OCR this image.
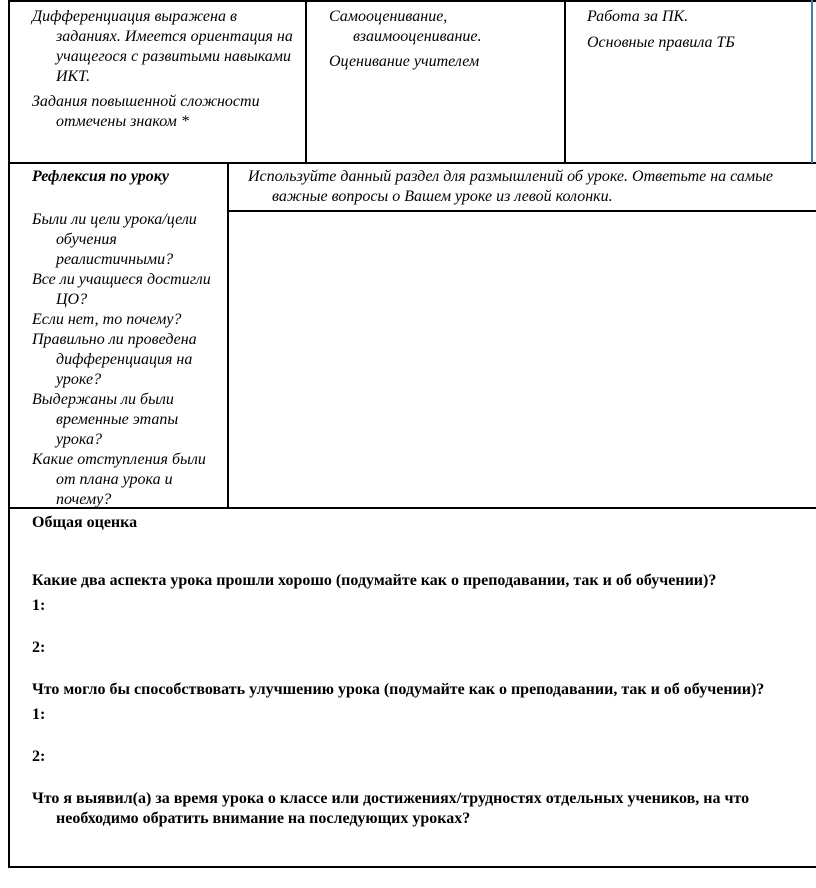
Дифференциация выражена в заданиях. Имеется ориентация на учащегося с развитыми навыками ИКТ.

Задания повышенной сложности отмечены знаком *

Самооценивание, взаимооценивание.

Оценивание учителем

Работа за ПК.

Основные правила ТБ

Рефлексия по уроку

Были ли цели урока/цели обучения реалистичными?

Все ли учащиеся достигли ЦО?

Если нет, то почему?

Правильно ли проведена дифференциация на уроке?

Выдержаны ли были временные этапы урока?

Какие отступления были от плана урока и почему?

Используйте данный раздел для размышлений об уроке. Ответьте на самые важные вопросы о Вашем уроке из левой колонки.

Общая оценка

Какие два аспекта урока прошли хорошо (подумайте как о преподавании, так и об обучении)?

1:

2:

Что могло бы способствовать улучшению урока (подумайте как о преподавании, так и об обучении)?

1:

2:

Что я выявил(а) за время урока о классе или достижениях/трудностях отдельных учеников, на что необходимо обратить внимание на последующих уроках?
